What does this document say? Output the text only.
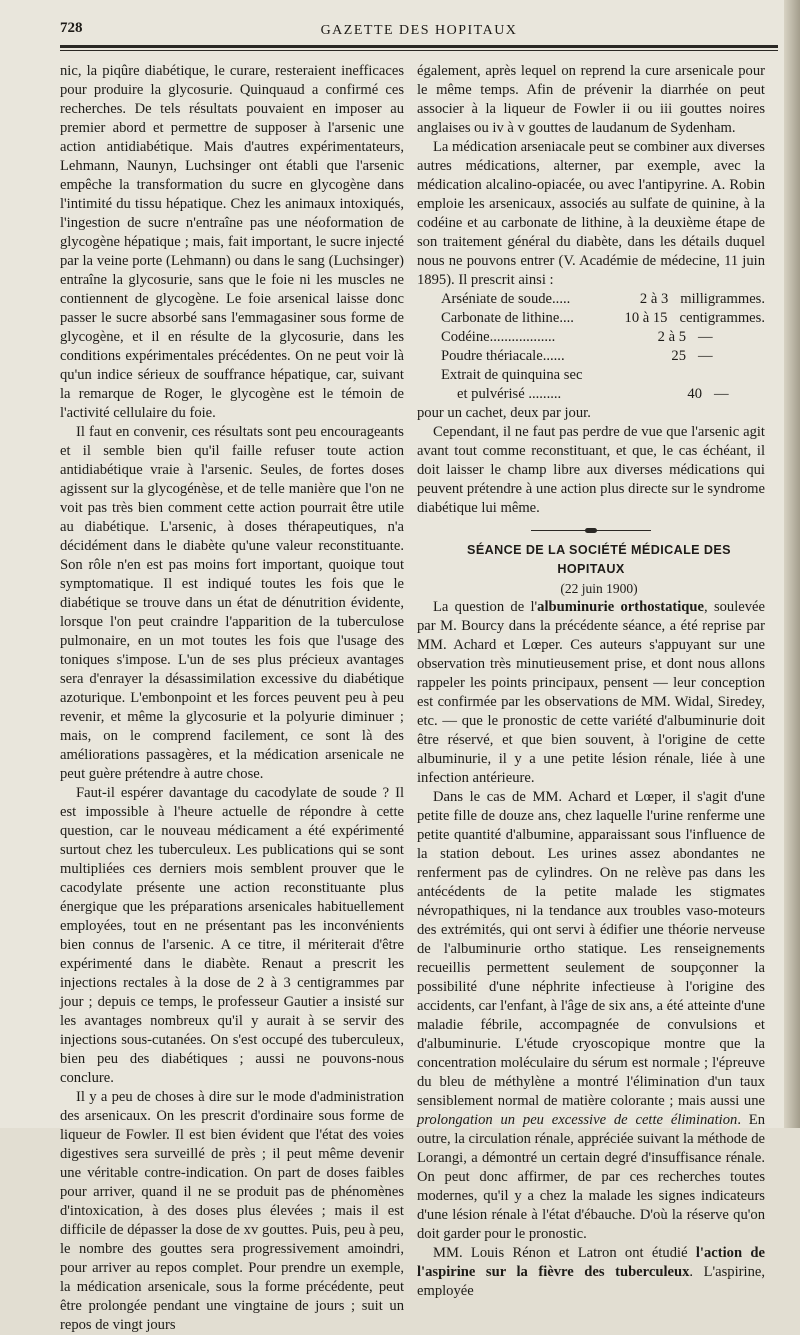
728	GAZETTE DES HOPITAUX

nic, la piqûre diabétique, le curare, resteraient inefficaces pour produire la glycosurie. Quinquaud a confirmé ces recherches. De tels résultats pouvaient en imposer au premier abord et permettre de supposer à l'arsenic une action antidiabétique. Mais d'autres expérimentateurs, Lehmann, Naunyn, Luchsinger ont établi que l'arsenic empêche la transformation du sucre en glycogène dans l'intimité du tissu hépatique. Chez les animaux intoxiqués, l'ingestion de sucre n'entraîne pas une néoformation de glycogène hépatique ; mais, fait important, le sucre injecté par la veine porte (Lehmann) ou dans le sang (Luchsinger) entraîne la glycosurie, sans que le foie ni les muscles ne contiennent de glycogène. Le foie arsenical laisse donc passer le sucre absorbé sans l'emmagasiner sous forme de glycogène, et il en résulte de la glycosurie, dans les conditions expérimentales précédentes. On ne peut voir là qu'un indice sérieux de souffrance hépatique, car, suivant la remarque de Roger, le glycogène est le témoin de l'activité cellulaire du foie.

Il faut en convenir, ces résultats sont peu encourageants et il semble bien qu'il faille refuser toute action antidiabétique vraie à l'arsenic. Seules, de fortes doses agissent sur la glycogénèse, et de telle manière que l'on ne voit pas très bien comment cette action pourrait être utile au diabétique. L'arsenic, à doses thérapeutiques, n'a décidément dans le diabète qu'une valeur reconstituante. Son rôle n'en est pas moins fort important, quoique tout symptomatique. Il est indiqué toutes les fois que le diabétique se trouve dans un état de dénutrition évidente, lorsque l'on peut craindre l'apparition de la tuberculose pulmonaire, en un mot toutes les fois que l'usage des toniques s'impose. L'un de ses plus précieux avantages sera d'enrayer la désassimilation excessive du diabétique azoturique. L'embonpoint et les forces peuvent peu à peu revenir, et même la glycosurie et la polyurie diminuer ; mais, on le comprend facilement, ce sont là des améliorations passagères, et la médication arsenicale ne peut guère prétendre à autre chose.

Faut-il espérer davantage du cacodylate de soude ? Il est impossible à l'heure actuelle de répondre à cette question, car le nouveau médicament a été expérimenté surtout chez les tuberculeux. Les publications qui se sont multipliées ces derniers mois semblent prouver que le cacodylate présente une action reconstituante plus énergique que les préparations arsenicales habituellement employées, tout en ne présentant pas les inconvénients bien connus de l'arsenic. A ce titre, il mériterait d'être expérimenté dans le diabète. Renaut a prescrit les injections rectales à la dose de 2 à 3 centigrammes par jour ; depuis ce temps, le professeur Gautier a insisté sur les avantages nombreux qu'il y aurait à se servir des injections sous-cutanées. On s'est occupé des tuberculeux, bien peu des diabétiques ; aussi ne pouvons-nous conclure.

Il y a peu de choses à dire sur le mode d'administration des arsenicaux. On les prescrit d'ordinaire sous forme de liqueur de Fowler. Il est bien évident que l'état des voies digestives sera surveillé de près ; il peut même devenir une véritable contre-indication. On part de doses faibles pour arriver, quand il ne se produit pas de phénomènes d'intoxication, à des doses plus élevées ; mais il est difficile de dépasser la dose de xv gouttes. Puis, peu à peu, le nombre des gouttes sera progressivement amoindri, pour arriver au repos complet. Pour prendre un exemple, la médication arsenicale, sous la forme précédente, peut être prolongée pendant une vingtaine de jours ; suit un repos de vingt jours

également, après lequel on reprend la cure arsenicale pour le même temps. Afin de prévenir la diarrhée on peut associer à la liqueur de Fowler ii ou iii gouttes noires anglaises ou iv à v gouttes de laudanum de Sydenham.

La médication arseniacale peut se combiner aux diverses autres médications, alterner, par exemple, avec la médication alcalino-opiacée, ou avec l'antipyrine. A. Robin emploie les arsenicaux, associés au sulfate de quinine, à la codéine et au carbonate de lithine, à la deuxième étape de son traitement général du diabète, dans les détails duquel nous ne pouvons entrer (V. Académie de médecine, 11 juin 1895). Il prescrit ainsi :

Arséniate de soude.....	2 à 3 milligrammes.
Carbonate de lithine....	10 à 15 centigrammes.
Codéine..................	2 à 5 —
Poudre thériacale......	25 —
Extrait de quinquina sec
et pulvérisé .........	40 —

pour un cachet, deux par jour.

Cependant, il ne faut pas perdre de vue que l'arsenic agit avant tout comme reconstituant, et que, le cas échéant, il doit laisser le champ libre aux diverses médications qui peuvent prétendre à une action plus directe sur le syndrome diabétique lui même.

SÉANCE DE LA SOCIÉTÉ MÉDICALE DES HOPITAUX

(22 juin 1900)

La question de l'albuminurie orthostatique, soulevée par M. Bourcy dans la précédente séance, a été reprise par MM. Achard et Lœper. Ces auteurs s'appuyant sur une observation très minutieusement prise, et dont nous allons rappeler les points principaux, pensent — leur conception est confirmée par les observations de MM. Widal, Siredey, etc. — que le pronostic de cette variété d'albuminurie doit être réservé, et que bien souvent, à l'origine de cette albuminurie, il y a une petite lésion rénale, liée à une infection antérieure.

Dans le cas de MM. Achard et Lœper, il s'agit d'une petite fille de douze ans, chez laquelle l'urine renferme une petite quantité d'albumine, apparaissant sous l'influence de la station debout. Les urines assez abondantes ne renferment pas de cylindres. On ne relève pas dans les antécédents de la petite malade les stigmates névropathiques, ni la tendance aux troubles vaso-moteurs des extrémités, qui ont servi à édifier une théorie nerveuse de l'albuminurie ortho statique. Les renseignements recueillis permettent seulement de soupçonner la possibilité d'une néphrite infectieuse à l'origine des accidents, car l'enfant, à l'âge de six ans, a été atteinte d'une maladie fébrile, accompagnée de convulsions et d'albuminurie. L'étude cryoscopique montre que la concentration moléculaire du sérum est normale ; l'épreuve du bleu de méthylène a montré l'élimination d'un taux sensiblement normal de matière colorante ; mais aussi une prolongation un peu excessive de cette élimination. En outre, la circulation rénale, appréciée suivant la méthode de Lorangi, a démontré un certain degré d'insuffisance rénale. On peut donc affirmer, de par ces recherches toutes modernes, qu'il y a chez la malade les signes indicateurs d'une lésion rénale à l'état d'ébauche. D'où la réserve qu'on doit garder pour le pronostic.

MM. Louis Rénon et Latron ont étudié l'action de l'aspirine sur la fièvre des tuberculeux. L'aspirine, employée
